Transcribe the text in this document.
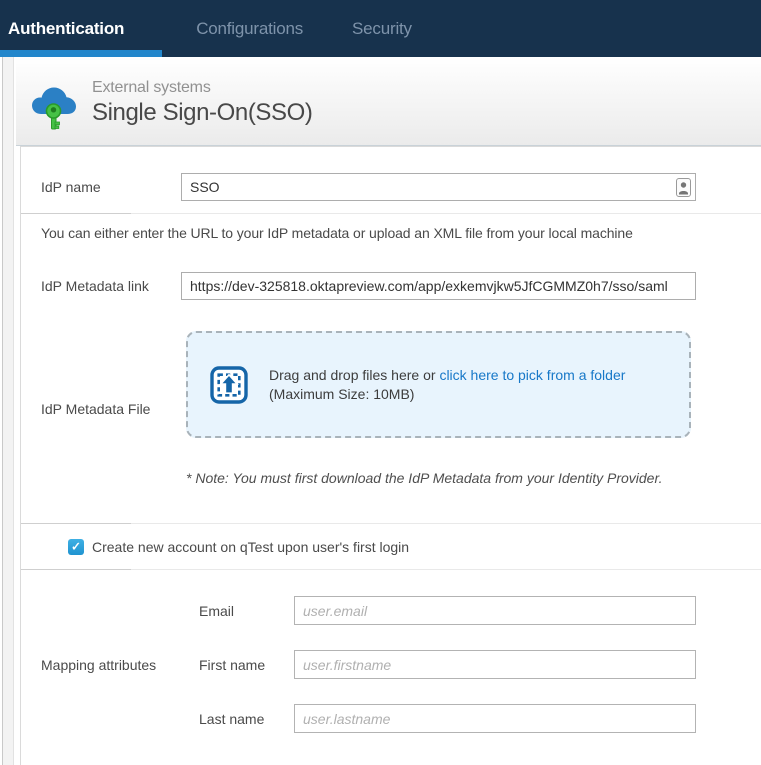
Authentication	Configurations	Security
External systems
Single Sign-On(SSO)
IdP name
SSO
You can either enter the URL to your IdP metadata or upload an XML file from your local machine
IdP Metadata link
https://dev-325818.oktapreview.com/app/exkemvjkw5JfCGMMZ0h7/sso/saml
IdP Metadata File
Drag and drop files here or click here to pick from a folder
(Maximum Size: 10MB)
* Note: You must first download the IdP Metadata from your Identity Provider.
✓ Create new account on qTest upon user's first login
Mapping attributes
Email
user.email
First name
user.firstname
Last name
user.lastname
